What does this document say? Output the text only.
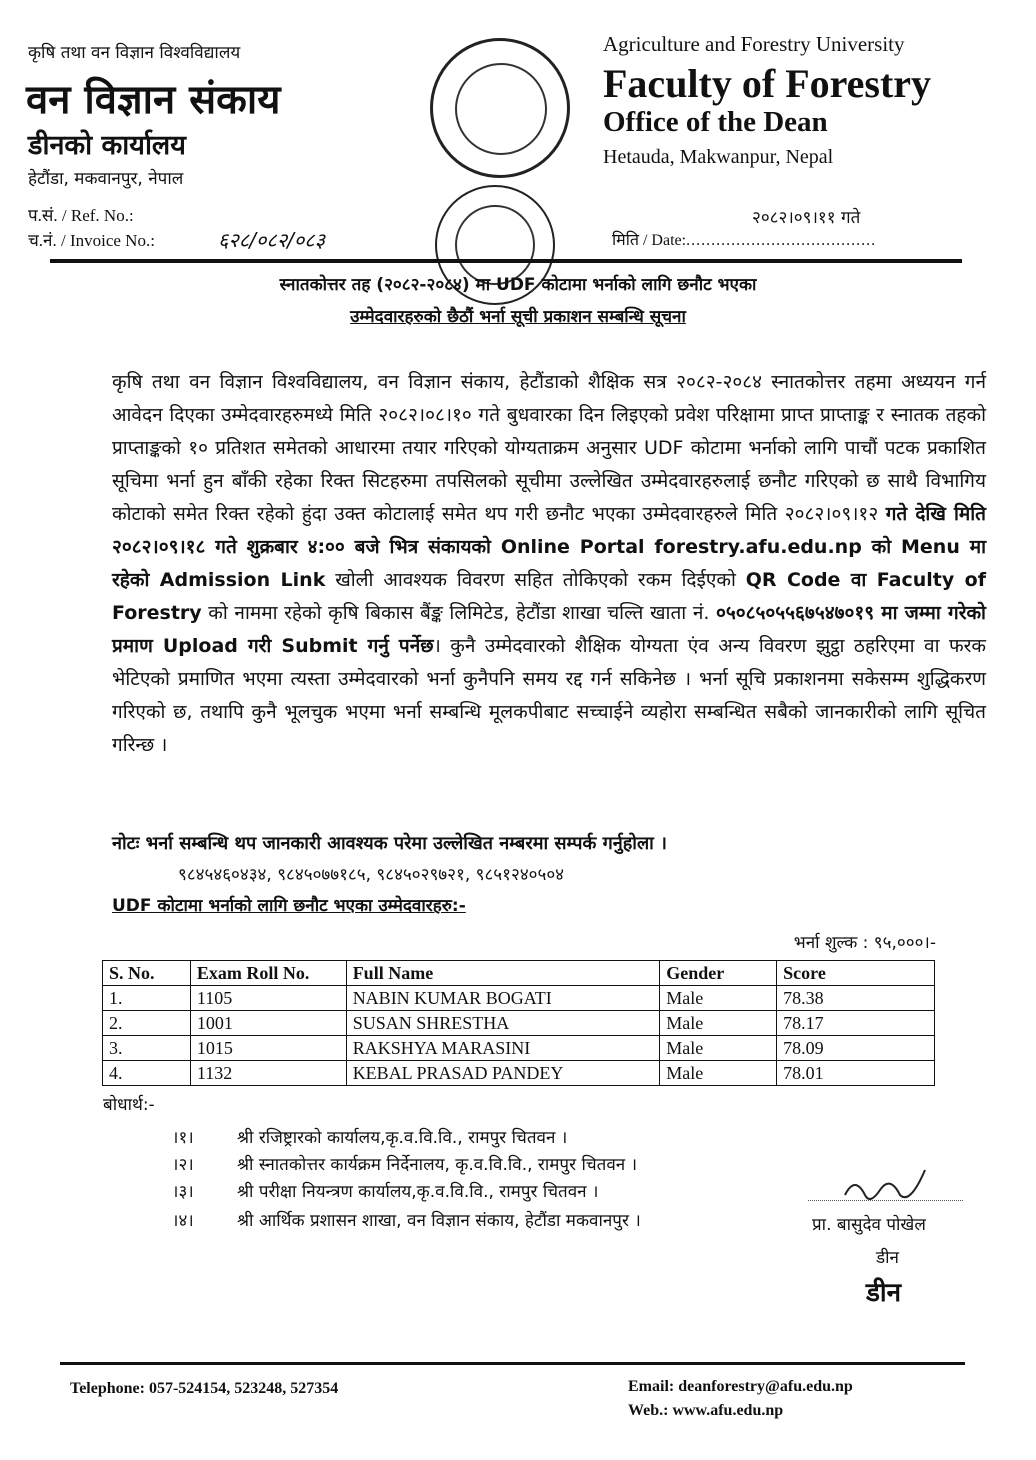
कृषि तथा वन विज्ञान विश्वविद्यालय
वन विज्ञान संकाय
डीनको कार्यालय
हेटौंडा, मकवानपुर, नेपाल
प.सं. / Ref. No.:
च.नं. / Invoice No.:	६२८/०८२/०८३
Agriculture and Forestry University
Faculty of Forestry
Office of the Dean
Hetauda, Makwanpur, Nepal
२०८२।०९।११ गते
मिति / Date:......................................
स्नातकोत्तर तह (२०८२-२०८४) मा UDF कोटामा भर्नाको लागि छनौट भएका
उम्मेदवारहरुको छैठौं भर्ना सूची प्रकाशन सम्बन्धि सूचना
कृषि तथा वन विज्ञान विश्वविद्यालय, वन विज्ञान संकाय, हेटौंडाको शैक्षिक सत्र २०८२-२०८४ स्नातकोत्तर तहमा अध्ययन गर्न आवेदन दिएका उम्मेदवारहरुमध्ये मिति २०८२।०८।१० गते बुधवारका दिन लिइएको प्रवेश परिक्षामा प्राप्त प्राप्ताङ्क र स्नातक तहको प्राप्ताङ्कको १० प्रतिशत समेतको आधारमा तयार गरिएको योग्यताक्रम अनुसार UDF कोटामा भर्नाको लागि पाचौं पटक प्रकाशित सूचिमा भर्ना हुन बाँकी रहेका रिक्त सिटहरुमा तपसिलको सूचीमा उल्लेखित उम्मेदवारहरुलाई छनौट गरिएको छ साथै विभागिय कोटाको समेत रिक्त रहेको हुंदा उक्त कोटालाई समेत थप गरी छनौट भएका उम्मेदवारहरुले मिति २०८२।०९।१२ गते देखि मिति २०८२।०९।१८ गते शुक्रबार ४:०० बजे भित्र संकायको Online Portal forestry.afu.edu.np को Menu मा रहेको Admission Link खोली आवश्यक विवरण सहित तोकिएको रकम दिईएको QR Code वा Faculty of Forestry को नाममा रहेको कृषि बिकास बैंङ्क लिमिटेड, हेटौंडा शाखा चल्ति खाता नं. ०५०८५०५५६७५४७०१९ मा जम्मा गरेको प्रमाण Upload गरी Submit गर्नु पर्नेछ। कुनै उम्मेदवारको शैक्षिक योग्यता एंव अन्य विवरण झुट्ठा ठहरिएमा वा फरक भेटिएको प्रमाणित भएमा त्यस्ता उम्मेदवारको भर्ना कुनैपनि समय रद्द गर्न सकिनेछ । भर्ना सूचि प्रकाशनमा सकेसम्म शुद्धिकरण गरिएको छ, तथापि कुनै भूलचुक भएमा भर्ना सम्बन्धि मूलकपीबाट सच्चाईने व्यहोरा सम्बन्धित सबैको जानकारीको लागि सूचित गरिन्छ ।
नोटः भर्ना सम्बन्धि थप जानकारी आवश्यक परेमा उल्लेखित नम्बरमा सम्पर्क गर्नुहोला ।
९८४५४६०४३४, ९८४५०७७१८५, ९८४५०२९७२१, ९८५१२४०५०४
UDF कोटामा भर्नाको लागि छनौट भएका उम्मेदवारहरु:-
भर्ना शुल्क : ९५,०००।-
S. No.	Exam Roll No.	Full Name	Gender	Score
1.	1105	NABIN KUMAR BOGATI	Male	78.38
2.	1001	SUSAN SHRESTHA	Male	78.17
3.	1015	RAKSHYA MARASINI	Male	78.09
4.	1132	KEBAL PRASAD PANDEY	Male	78.01
बोधार्थ:-
।१।	श्री रजिष्ट्रारको कार्यालय,कृ.व.वि.वि., रामपुर चितवन ।
।२।	श्री स्नातकोत्तर कार्यक्रम निर्देनालय, कृ.व.वि.वि., रामपुर चितवन ।
।३।	श्री परीक्षा नियन्त्रण कार्यालय,कृ.व.वि.वि., रामपुर चितवन ।
।४।	श्री आर्थिक प्रशासन शाखा, वन विज्ञान संकाय, हेटौंडा मकवानपुर ।	प्रा. बासुदेव पोखेल
डीन
डीन
Telephone: 057-524154, 523248, 527354	Email: deanforestry@afu.edu.np
Web.: www.afu.edu.np
